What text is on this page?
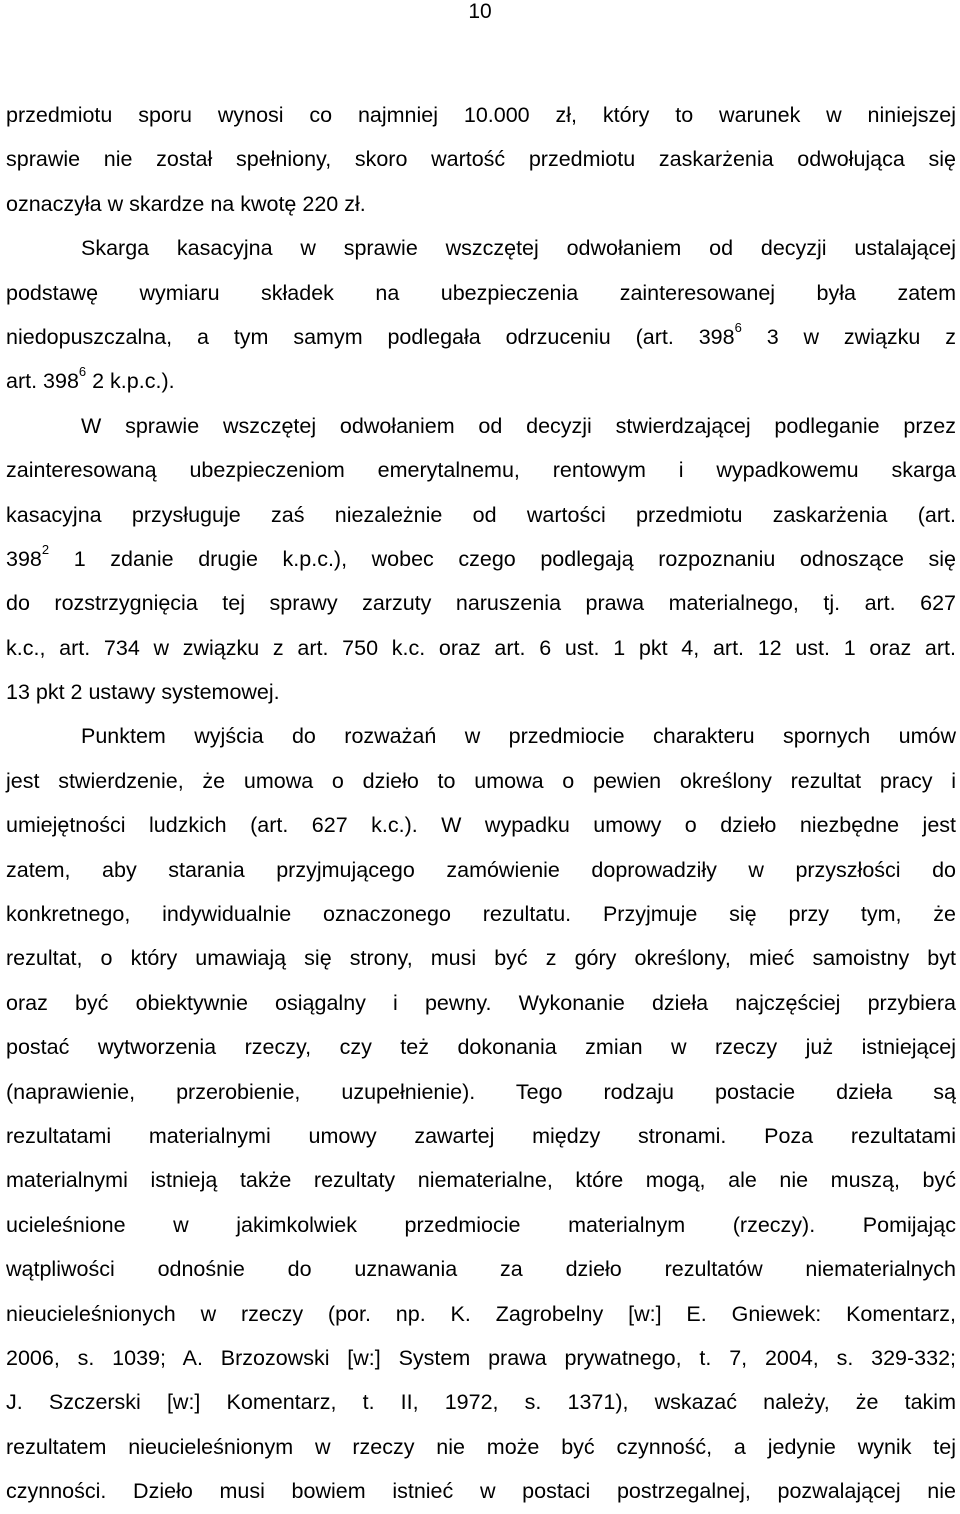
10
przedmiotu sporu wynosi co najmniej 10.000 zł, który to warunek w niniejszej
sprawie nie został spełniony, skoro wartość przedmiotu zaskarżenia odwołująca się
oznaczyła w skardze na kwotę 220 zł.
Skarga kasacyjna w sprawie wszczętej odwołaniem od decyzji ustalającej
podstawę wymiaru składek na ubezpieczenia zainteresowanej była zatem
niedopuszczalna, a tym samym podlegała odrzuceniu (art. $398^6$ 3 w związku z
art. $398^6$ 2 k.p.c.).
W sprawie wszczętej odwołaniem od decyzji stwierdzającej podleganie przez
zainteresowaną ubezpieczeniom emerytalnemu, rentowym i wypadkowemu skarga
kasacyjna przysługuje zaś niezależnie od wartości przedmiotu zaskarżenia (art.
$398^2$ 1 zdanie drugie k.p.c.), wobec czego podlegają rozpoznaniu odnoszące się
do rozstrzygnięcia tej sprawy zarzuty naruszenia prawa materialnego, tj. art. 627
k.c., art. 734 w związku z art. 750 k.c. oraz art. 6 ust. 1 pkt 4, art. 12 ust. 1 oraz art.
13 pkt 2 ustawy systemowej.
Punktem wyjścia do rozważań w przedmiocie charakteru spornych umów
jest stwierdzenie, że umowa o dzieło to umowa o pewien określony rezultat pracy i
umiejętności ludzkich (art. 627 k.c.). W wypadku umowy o dzieło niezbędne jest
zatem, aby starania przyjmującego zamówienie doprowadziły w przyszłości do
konkretnego, indywidualnie oznaczonego rezultatu. Przyjmuje się przy tym, że
rezultat, o który umawiają się strony, musi być z góry określony, mieć samoistny byt
oraz być obiektywnie osiągalny i pewny. Wykonanie dzieła najczęściej przybiera
postać wytworzenia rzeczy, czy też dokonania zmian w rzeczy już istniejącej
(naprawienie, przerobienie, uzupełnienie). Tego rodzaju postacie dzieła są
rezultatami materialnymi umowy zawartej między stronami. Poza rezultatami
materialnymi istnieją także rezultaty niematerialne, które mogą, ale nie muszą, być
ucieleśnione w jakimkolwiek przedmiocie materialnym (rzeczy). Pomijając
wątpliwości odnośnie do uznawania za dzieło rezultatów niematerialnych
nieucieleśnionych w rzeczy (por. np. K. Zagrobelny [w:] E. Gniewek: Komentarz,
2006, s. 1039; A. Brzozowski [w:] System prawa prywatnego, t. 7, 2004, s. 329-332;
J. Szczerski [w:] Komentarz, t. II, 1972, s. 1371), wskazać należy, że takim
rezultatem nieucieleśnionym w rzeczy nie może być czynność, a jedynie wynik tej
czynności. Dzieło musi bowiem istnieć w postaci postrzegalnej, pozwalającej nie
